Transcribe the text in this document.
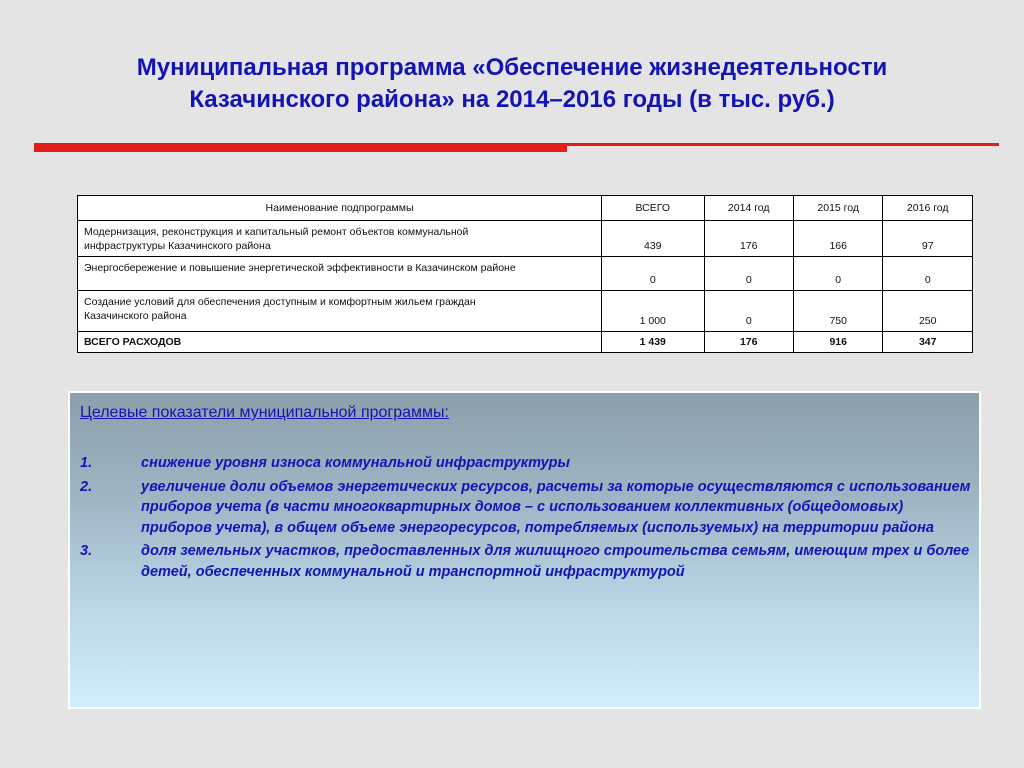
Муниципальная программа «Обеспечение жизнедеятельности
Казачинского района» на 2014–2016 годы (в тыс. руб.)
Наименование подпрограммы	ВСЕГО	2014 год	2015 год	2016 год
Модернизация, реконструкция и капитальный ремонт объектов коммунальной
инфраструктуры Казачинского района	439	176	166	97
Энергосбережение и повышение энергетической эффективности в Казачинском районе	0	0	0	0
Создание условий для обеспечения доступным и комфортным жильем граждан
Казачинского района	1 000	0	750	250
ВСЕГО РАСХОДОВ	1 439	176	916	347
Целевые показатели муниципальной программы:
1.	снижение уровня износа коммунальной инфраструктуры
2.	увеличение доли объемов энергетических ресурсов, расчеты за которые осуществляются с использованием приборов учета (в части многоквартирных домов – с использованием коллективных (общедомовых) приборов учета), в общем объеме энергоресурсов, потребляемых (используемых) на территории района
3.	доля земельных участков, предоставленных для жилищного строительства семьям, имеющим трех и более детей, обеспеченных коммунальной и транспортной инфраструктурой
